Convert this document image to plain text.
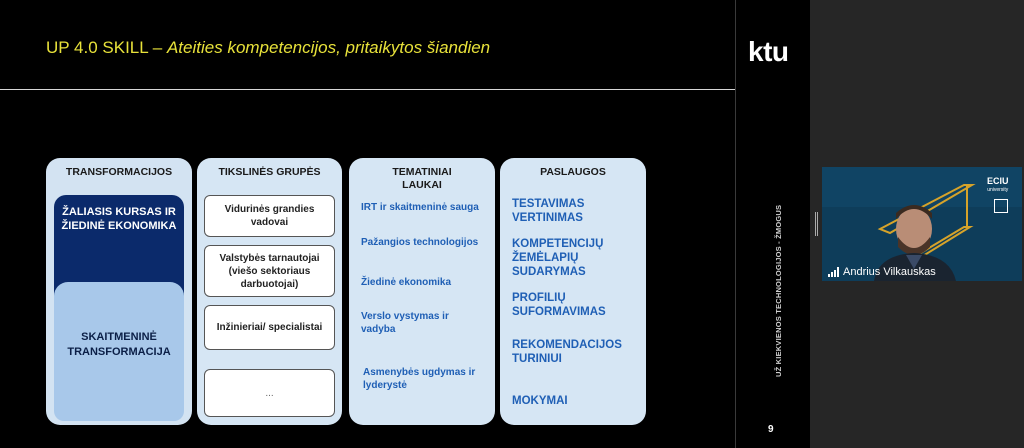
UP 4.0 SKILL – Ateities kompetencijos, pritaikytos šiandien
TRANSFORMACIJOS
ŽALIASIS KURSAS IR ŽIEDINĖ EKONOMIKA
SKAITMENINĖ TRANSFORMACIJA
TIKSLINĖS GRUPĖS
Vidurinės grandies vadovai
Valstybės tarnautojai (viešo sektoriaus darbuotojai)
Inžinieriai/ specialistai
...
TEMATINIAI LAUKAI
IRT ir skaitmeninė sauga
Pažangios technologijos
Žiedinė ekonomika
Verslo vystymas ir vadyba
Asmenybės ugdymas ir lyderystė
PASLAUGOS
TESTAVIMAS VERTINIMAS
KOMPETENCIJŲ ŽEMĖLAPIŲ SUDARYMAS
PROFILIŲ SUFORMAVIMAS
REKOMENDACIJOS TURINIUI
MOKYMAI
ktu
UŽ KIEKVIENOS TECHNOLOGIJOS - ŽMOGUS
9
ECIU
university
Andrius Vilkauskas
